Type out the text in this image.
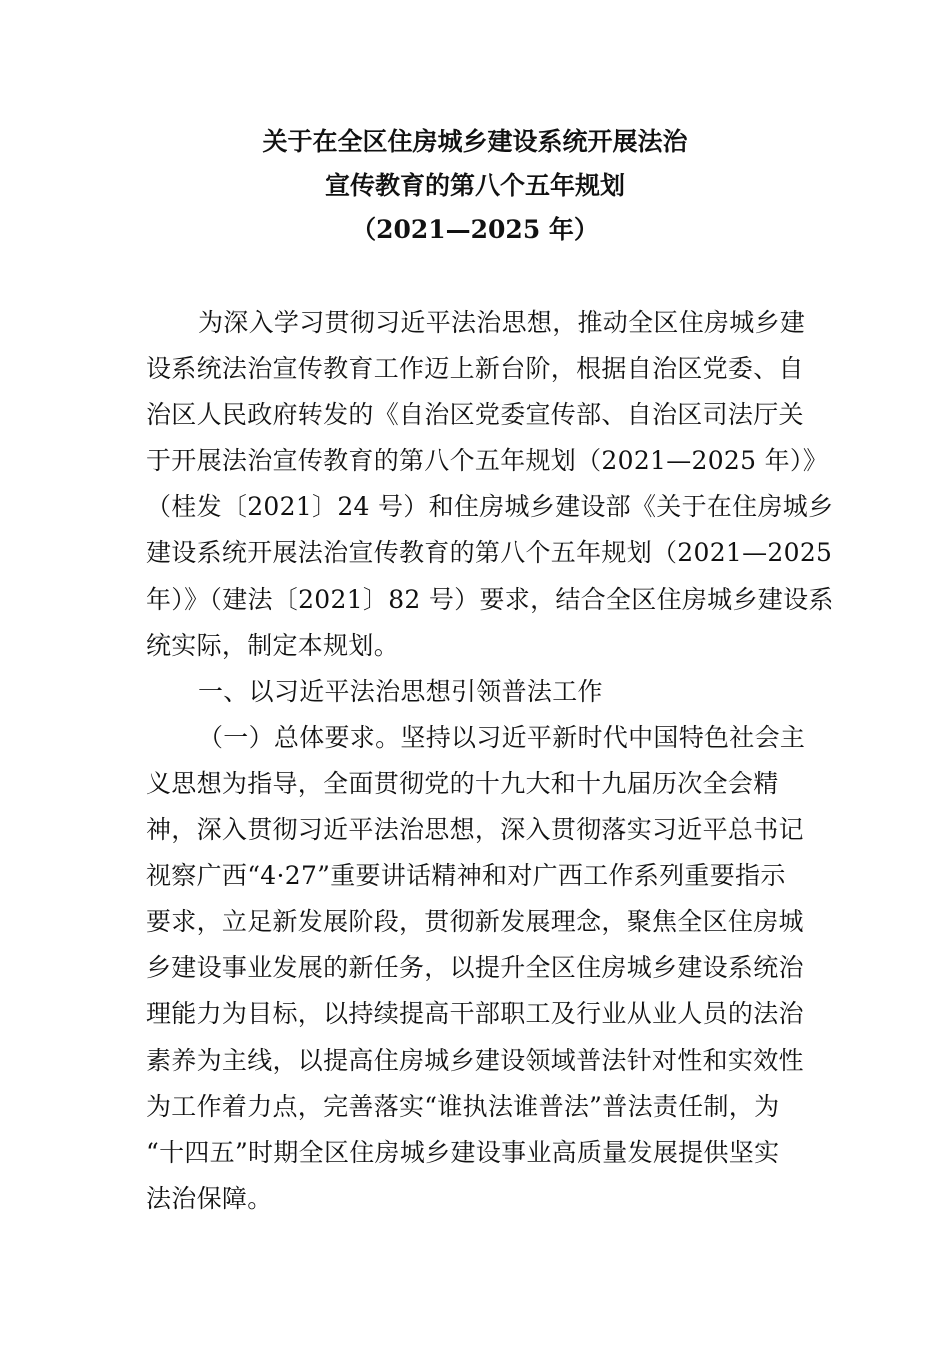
关于在全区住房城乡建设系统开展法治
宣传教育的第八个五年规划
（2021—2025 年）
为深入学习贯彻习近平法治思想，推动全区住房城乡建
设系统法治宣传教育工作迈上新台阶，根据自治区党委、自
治区人民政府转发的《自治区党委宣传部、自治区司法厅关
于开展法治宣传教育的第八个五年规划（2021—2025 年）》
（桂发〔2021〕24 号）和住房城乡建设部《关于在住房城乡
建设系统开展法治宣传教育的第八个五年规划（2021—2025
年）》（建法〔2021〕82 号）要求，结合全区住房城乡建设系
统实际，制定本规划。
一、以习近平法治思想引领普法工作
（一）总体要求。坚持以习近平新时代中国特色社会主
义思想为指导，全面贯彻党的十九大和十九届历次全会精
神，深入贯彻习近平法治思想，深入贯彻落实习近平总书记
视察广西“4·27”重要讲话精神和对广西工作系列重要指示
要求，立足新发展阶段，贯彻新发展理念，聚焦全区住房城
乡建设事业发展的新任务，以提升全区住房城乡建设系统治
理能力为目标，以持续提高干部职工及行业从业人员的法治
素养为主线，以提高住房城乡建设领域普法针对性和实效性
为工作着力点，完善落实“谁执法谁普法”普法责任制，为
“十四五”时期全区住房城乡建设事业高质量发展提供坚实
法治保障。
